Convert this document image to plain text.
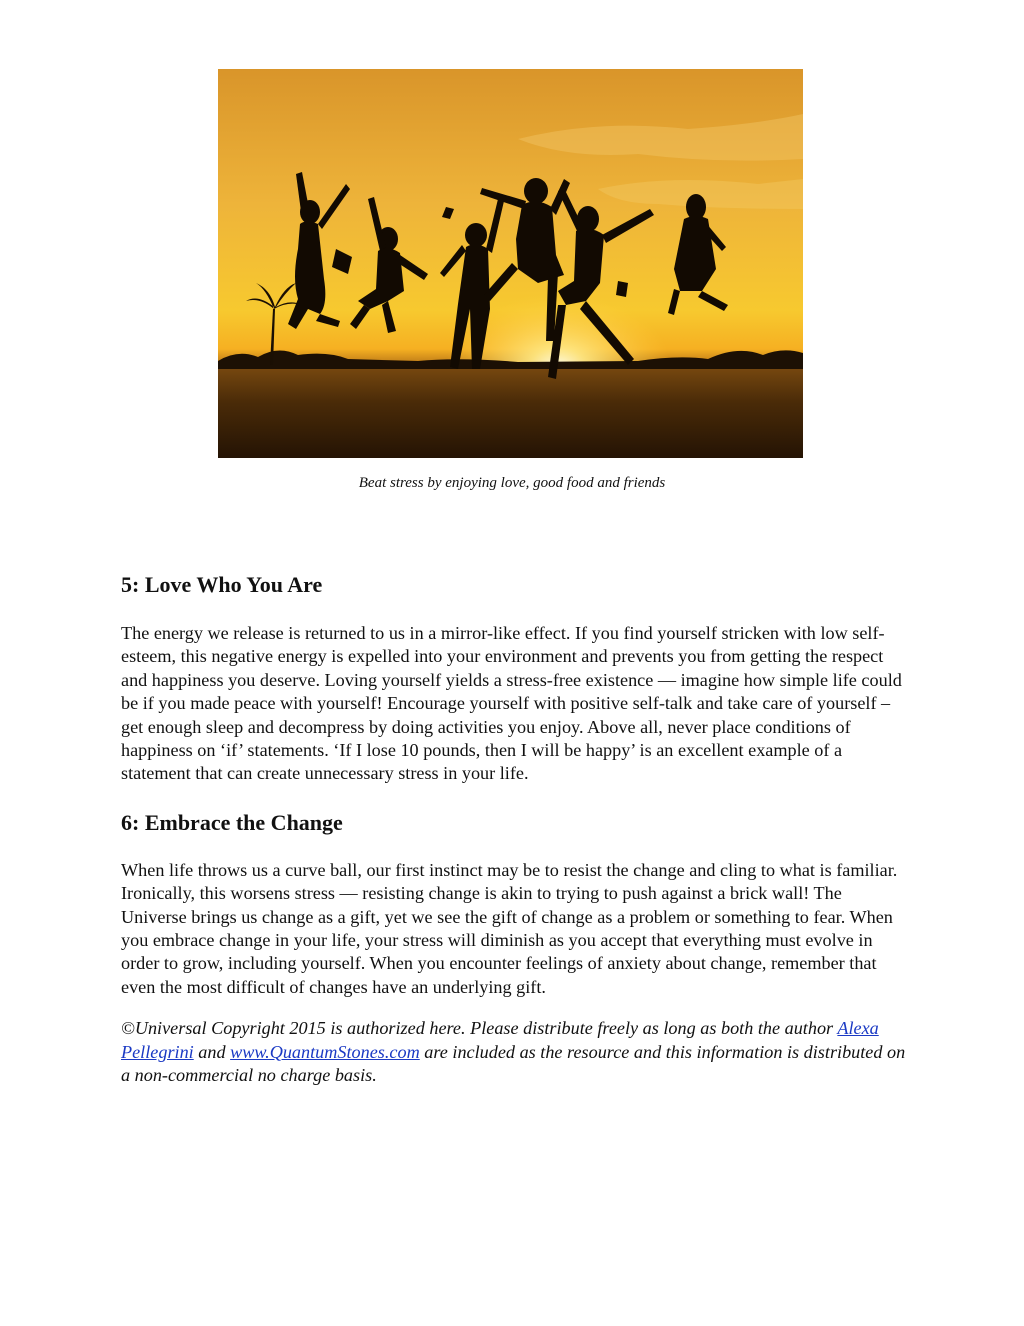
Beat stress by enjoying love, good food and friends
5: Love Who You Are

The energy we release is returned to us in a mirror-like effect. If you find yourself stricken with low self-esteem, this negative energy is expelled into your environment and prevents you from getting the respect and happiness you deserve. Loving yourself yields a stress-free existence — imagine how simple life could be if you made peace with yourself! Encourage yourself with positive self-talk and take care of yourself – get enough sleep and decompress by doing activities you enjoy. Above all, never place conditions of happiness on ‘if’ statements. ‘If I lose 10 pounds, then I will be happy’ is an excellent example of a statement that can create unnecessary stress in your life.

6: Embrace the Change

When life throws us a curve ball, our first instinct may be to resist the change and cling to what is familiar. Ironically, this worsens stress — resisting change is akin to trying to push against a brick wall! The Universe brings us change as a gift, yet we see the gift of change as a problem or something to fear. When you embrace change in your life, your stress will diminish as you accept that everything must evolve in order to grow, including yourself. When you encounter feelings of anxiety about change, remember that even the most difficult of changes have an underlying gift.

©Universal Copyright 2015 is authorized here. Please distribute freely as long as both the author Alexa Pellegrini and www.QuantumStones.com are included as the resource and this information is distributed on a non-commercial no charge basis.
